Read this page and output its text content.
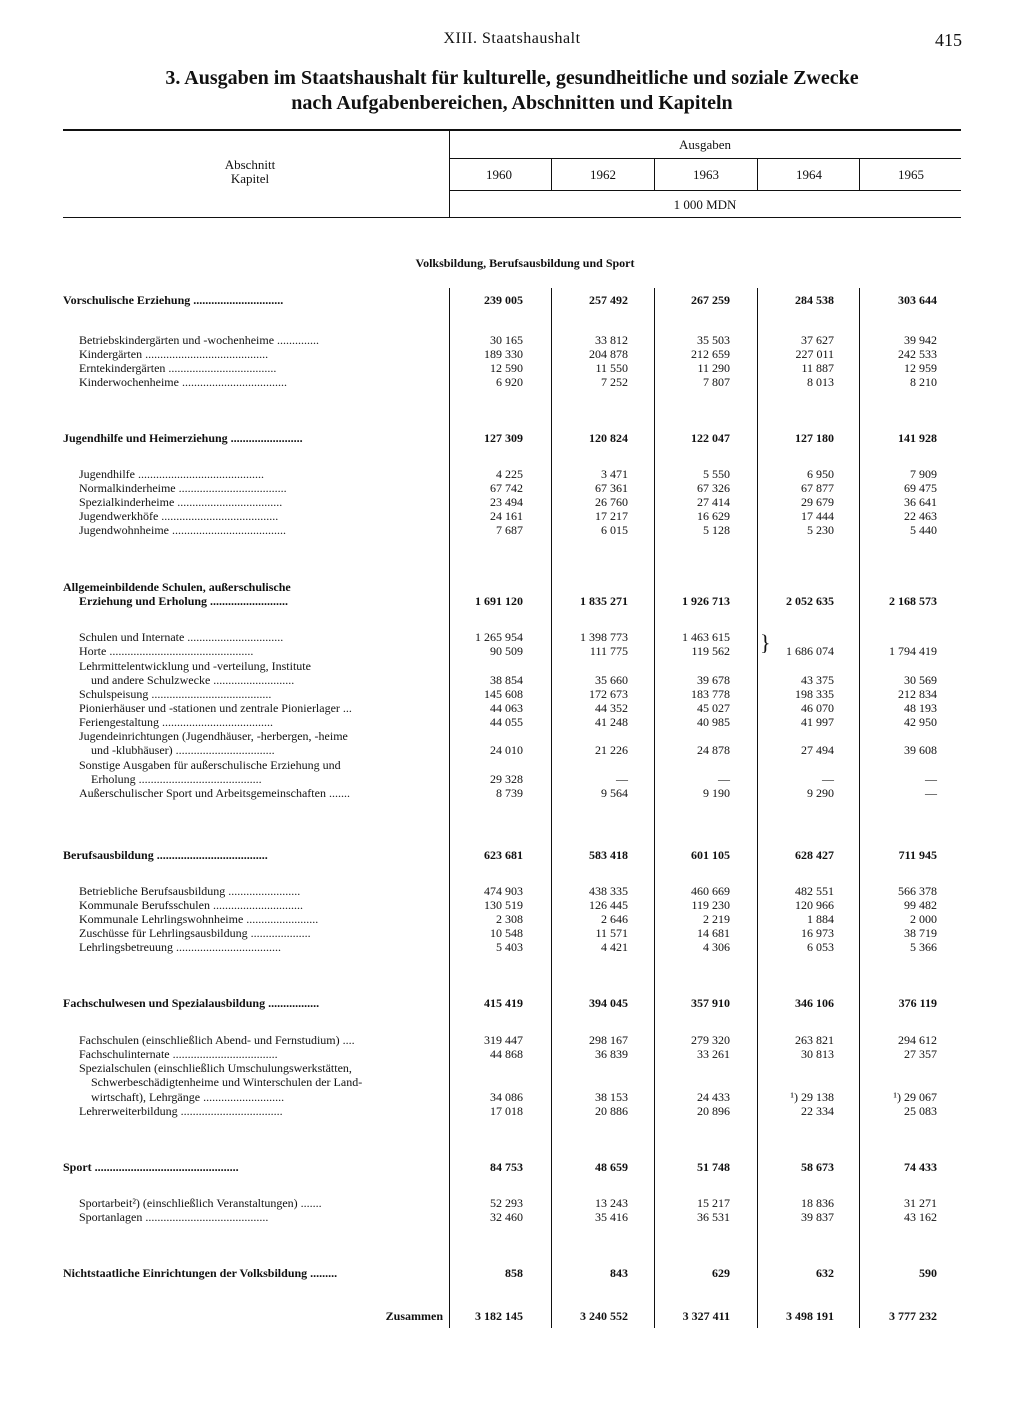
XIII. Staatshaushalt	415
3. Ausgaben im Staatshaushalt für kulturelle, gesundheitliche und soziale Zwecke
nach Aufgabenbereichen, Abschnitten und Kapiteln
Ausgaben
Abschnitt
Kapitel	1960	1962	1963	1964	1965
1 000 MDN
Volksbildung, Berufsausbildung und Sport
Vorschulische Erziehung ..............................	239 005	257 492	267 259	284 538	303 644
Betriebskindergärten und -wochenheime ..............	30 165	33 812	35 503	37 627	39 942
Kindergärten .........................................	189 330	204 878	212 659	227 011	242 533
Erntekindergärten ....................................	12 590	11 550	11 290	11 887	12 959
Kinderwochenheime ...................................	6 920	7 252	7 807	8 013	8 210
Jugendhilfe und Heimerziehung ........................	127 309	120 824	122 047	127 180	141 928
Jugendhilfe ..........................................	4 225	3 471	5 550	6 950	7 909
Normalkinderheime ....................................	67 742	67 361	67 326	67 877	69 475
Spezialkinderheime ...................................	23 494	26 760	27 414	29 679	36 641
Jugendwerkhöfe .......................................	24 161	17 217	16 629	17 444	22 463
Jugendwohnheime ......................................	7 687	6 015	5 128	5 230	5 440
Allgemeinbildende Schulen, außerschulische
Erziehung und Erholung ..........................	1 691 120	1 835 271	1 926 713	2 052 635	2 168 573
Schulen und Internate ................................	1 265 954	1 398 773	1 463 615
Horte ................................................	90 509	111 775	119 562	1 686 074	1 794 419
Lehrmittelentwicklung und -verteilung, Institute
und andere Schulzwecke ...........................	38 854	35 660	39 678	43 375	30 569
Schulspeisung ........................................	145 608	172 673	183 778	198 335	212 834
Pionierhäuser und -stationen und zentrale Pionierlager ...	44 063	44 352	45 027	46 070	48 193
Feriengestaltung .....................................	44 055	41 248	40 985	41 997	42 950
Jugendeinrichtungen (Jugendhäuser, -herbergen, -heime
und -klubhäuser) .................................	24 010	21 226	24 878	27 494	39 608
Sonstige Ausgaben für außerschulische Erziehung und
Erholung .........................................	29 328	—	—	—	—
Außerschulischer Sport und Arbeitsgemeinschaften .......	8 739	9 564	9 190	9 290	—
Berufsausbildung .....................................	623 681	583 418	601 105	628 427	711 945
Betriebliche Berufsausbildung ........................	474 903	438 335	460 669	482 551	566 378
Kommunale Berufsschulen ..............................	130 519	126 445	119 230	120 966	99 482
Kommunale Lehrlingswohnheime ........................	2 308	2 646	2 219	1 884	2 000
Zuschüsse für Lehrlingsausbildung ....................	10 548	11 571	14 681	16 973	38 719
Lehrlingsbetreuung ...................................	5 403	4 421	4 306	6 053	5 366
Fachschulwesen und Spezialausbildung .................	415 419	394 045	357 910	346 106	376 119
Fachschulen (einschließlich Abend- und Fernstudium) ....	319 447	298 167	279 320	263 821	294 612
Fachschulinternate ...................................	44 868	36 839	33 261	30 813	27 357
Spezialschulen (einschließlich Umschulungswerkstätten,
Schwerbeschädigtenheime und Winterschulen der Land-
wirtschaft), Lehrgänge ...........................	34 086	38 153	24 433	¹) 29 138	¹) 29 067
Lehrerweiterbildung ..................................	17 018	20 886	20 896	22 334	25 083
Sport ................................................	84 753	48 659	51 748	58 673	74 433
Sportarbeit²) (einschließlich Veranstaltungen) .......	52 293	13 243	15 217	18 836	31 271
Sportanlagen .........................................	32 460	35 416	36 531	39 837	43 162
Nichtstaatliche Einrichtungen der Volksbildung .........	858	843	629	632	590
Zusammen	3 182 145	3 240 552	3 327 411	3 498 191	3 777 232
}
